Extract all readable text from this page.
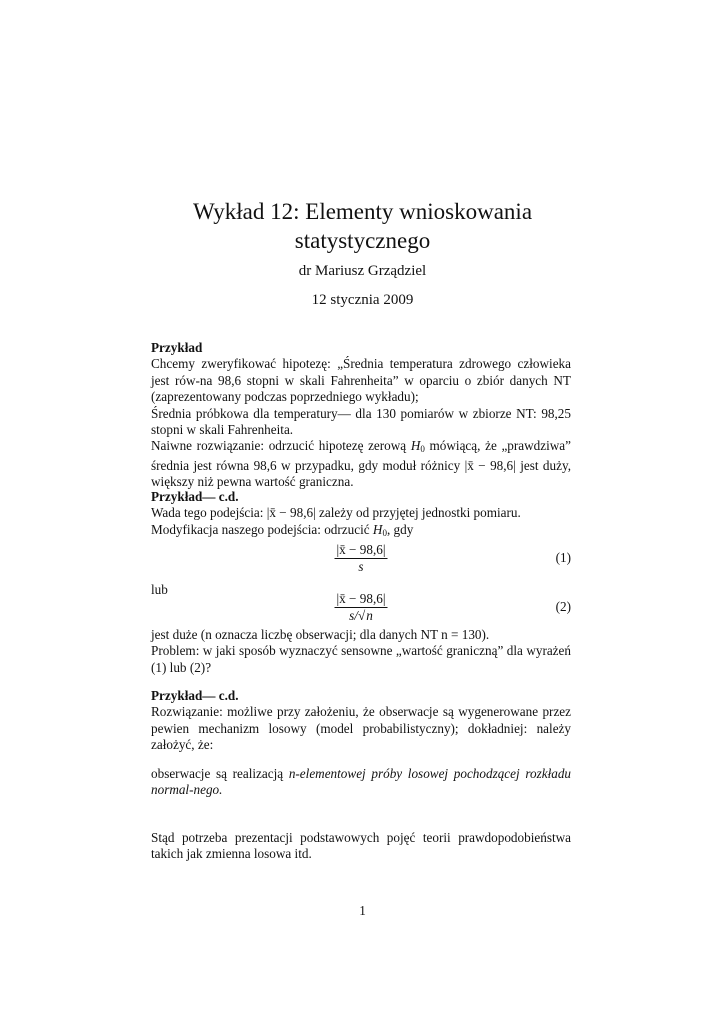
Wykład 12: Elementy wnioskowania
statystycznego
dr Mariusz Grządziel
12 stycznia 2009

Przykład

Chcemy zweryfikować hipotezę: „Średnia temperatura zdrowego człowieka jest rów-na 98,6 stopni w skali Fahrenheita” w oparciu o zbiór danych NT (zaprezentowany podczas poprzedniego wykładu);

Średnia próbkowa dla temperatury— dla 130 pomiarów w zbiorze NT: 98,25 stopni w skali Fahrenheita.

Naiwne rozwiązanie: odrzucić hipotezę zerową $H_0$ mówiącą, że „prawdziwa” średnia jest równa 98,6 w przypadku, gdy moduł różnicy |x̄ − 98,6| jest duży, większy niż pewna wartość graniczna.

Przykład— c.d.

Wada tego podejścia: |x̄ − 98,6| zależy od przyjętej jednostki pomiaru.

Modyfikacja naszego podejścia: odrzucić $H_0$, gdy

$\frac{|x̄ - 98,6|}{s}$	(1)

lub

$\frac{|x̄ - 98,6|}{s/√n}$	(2)

jest duże (n oznacza liczbę obserwacji; dla danych NT n = 130).

Problem: w jaki sposób wyznaczyć sensowne „wartość graniczną” dla wyrażeń (1) lub (2)?

Przykład— c.d.

Rozwiązanie: możliwe przy założeniu, że obserwacje są wygenerowane przez pewien mechanizm losowy (model probabilistyczny); dokładniej: należy założyć, że:

obserwacje są realizacją n-elementowej próby losowej pochodzącej rozkładu normal-nego.

Stąd potrzeba prezentacji podstawowych pojęć teorii prawdopodobieństwa takich jak zmienna losowa itd.

1
